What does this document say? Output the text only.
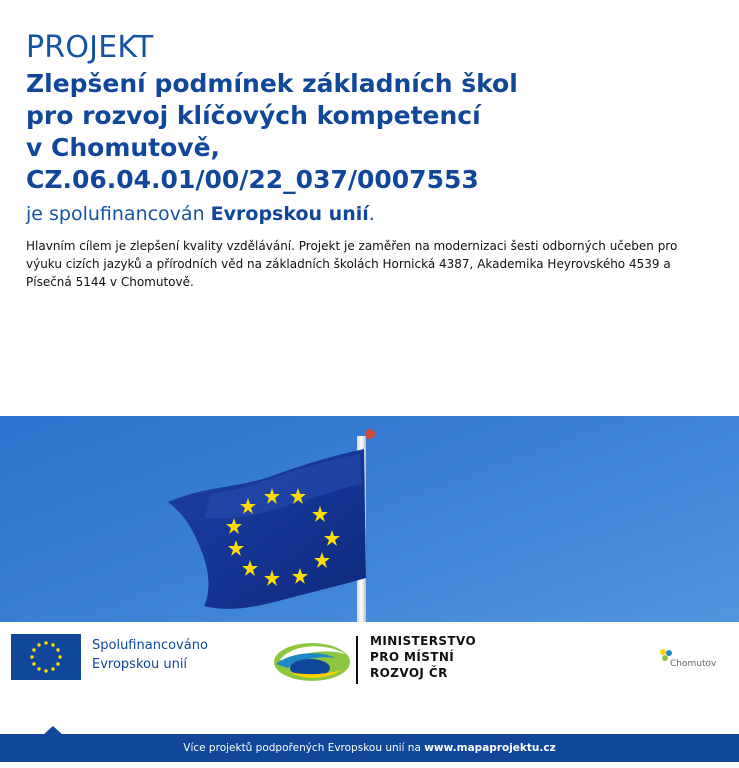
PROJEKT
Zlepšení podmínek základních škol
pro rozvoj klíčových kompetencí
v Chomutově,
CZ.06.04.01/00/22_037/0007553

je spolufinancován Evropskou unií.

Hlavním cílem je zlepšení kvality vzdělávání. Projekt je zaměřen na modernizaci šesti odborných učeben pro výuku cizích jazyků a přírodních věd na základních školách Hornická 4387, Akademika Heyrovského 4539 a Písečná 5144 v Chomutově.

Spolufinancováno
Evropskou unií
MINISTERSTVO
PRO MÍSTNÍ
ROZVOJ ČR
Chomutov
Více projektů podpořených Evropskou unií na www.mapaprojektu.cz
